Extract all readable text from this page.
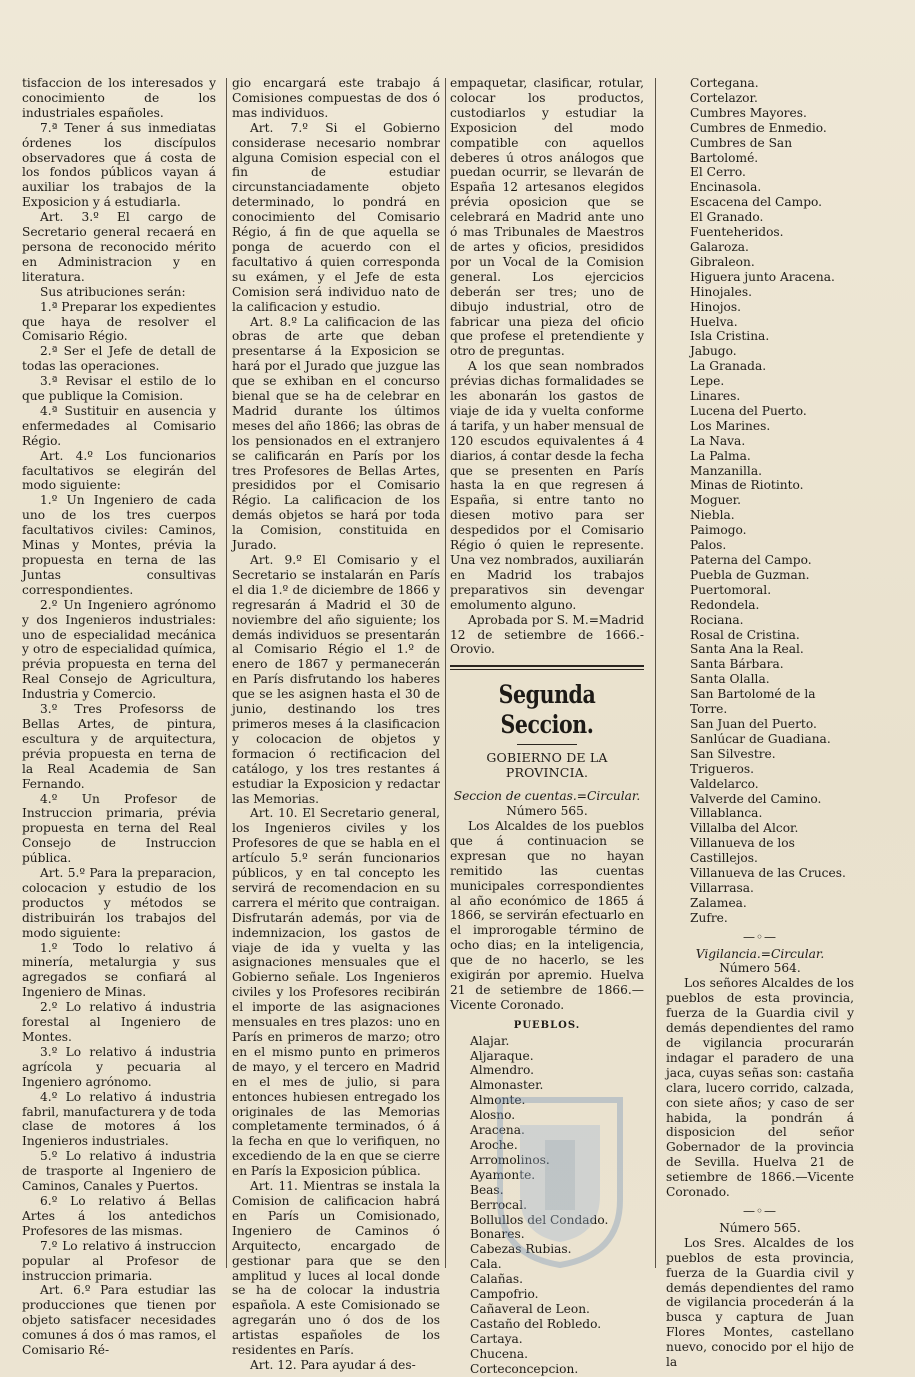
tisfaccion de los interesados y conocimiento de los industriales españoles.

7.ª Tener á sus inmediatas órdenes los discípulos observadores que á costa de los fondos públicos vayan á auxiliar los trabajos de la Exposicion y á estudiarla.

Art. 3.º El cargo de Secretario general recaerá en persona de reconocido mérito en Administracion y en literatura.

Sus atribuciones serán:

1.ª Preparar los expedientes que haya de resolver el Comisario Régio.

2.ª Ser el Jefe de detall de todas las operaciones.

3.ª Revisar el estilo de lo que publique la Comision.

4.ª Sustituir en ausencia y enfermedades al Comisario Régio.

Art. 4.º Los funcionarios facultativos se elegirán del modo siguiente:

1.º Un Ingeniero de cada uno de los tres cuerpos facultativos civiles: Caminos, Minas y Montes, prévia la propuesta en terna de las Juntas consultivas correspondientes.

2.º Un Ingeniero agrónomo y dos Ingenieros industriales: uno de especialidad mecánica y otro de especialidad química, prévia propuesta en terna del Real Consejo de Agricultura, Industria y Comercio.

3.º Tres Profesorss de Bellas Artes, de pintura, escultura y de arquitectura, prévia propuesta en terna de la Real Academia de San Fernando.

4.º Un Profesor de Instruccion primaria, prévia propuesta en terna del Real Consejo de Instruccion pública.

Art. 5.º Para la preparacion, colocacion y estudio de los productos y métodos se distribuirán los trabajos del modo siguiente:

1.º Todo lo relativo á minería, metalurgia y sus agregados se confiará al Ingeniero de Minas.

2.º Lo relativo á industria forestal al Ingeniero de Montes.

3.º Lo relativo á industria agrícola y pecuaria al Ingeniero agrónomo.

4.º Lo relativo á industria fabril, manufacturera y de toda clase de motores á los Ingenieros industriales.

5.º Lo relativo á industria de trasporte al Ingeniero de Caminos, Canales y Puertos.

6.º Lo relativo á Bellas Artes á los antedichos Profesores de las mismas.

7.º Lo relativo á instruccion popular al Profesor de instruccion primaria.

Art. 6.º Para estudiar las producciones que tienen por objeto satisfacer necesidades comunes á dos ó mas ramos, el Comisario Ré-

gio encargará este trabajo á Comisiones compuestas de dos ó mas individuos.

Art. 7.º Si el Gobierno considerase necesario nombrar alguna Comision especial con el fin de estudiar circunstanciadamente objeto determinado, lo pondrá en conocimiento del Comisario Régio, á fin de que aquella se ponga de acuerdo con el facultativo á quien corresponda su exámen, y el Jefe de esta Comision será individuo nato de la calificacion y estudio.

Art. 8.º La calificacion de las obras de arte que deban presentarse á la Exposicion se hará por el Jurado que juzgue las que se exhiban en el concurso bienal que se ha de celebrar en Madrid durante los últimos meses del año 1866; las obras de los pensionados en el extranjero se calificarán en París por los tres Profesores de Bellas Artes, presididos por el Comisario Régio. La calificacion de los demás objetos se hará por toda la Comision, constituida en Jurado.

Art. 9.º El Comisario y el Secretario se instalarán en París el dia 1.º de diciembre de 1866 y regresarán á Madrid el 30 de noviembre del año siguiente; los demás individuos se presentarán al Comisario Régio el 1.º de enero de 1867 y permanecerán en París disfrutando los haberes que se les asignen hasta el 30 de junio, destinando los tres primeros meses á la clasificacion y colocacion de objetos y formacion ó rectificacion del catálogo, y los tres restantes á estudiar la Exposicion y redactar las Memorias.

Art. 10. El Secretario general, los Ingenieros civiles y los Profesores de que se habla en el artículo 5.º serán funcionarios públicos, y en tal concepto les servirá de recomendacion en su carrera el mérito que contraigan. Disfrutarán además, por via de indemnizacion, los gastos de viaje de ida y vuelta y las asignaciones mensuales que el Gobierno señale. Los Ingenieros civiles y los Profesores recibirán el importe de las asignaciones mensuales en tres plazos: uno en París en primeros de marzo; otro en el mismo punto en primeros de mayo, y el tercero en Madrid en el mes de julio, si para entonces hubiesen entregado los originales de las Memorias completamente terminados, ó á la fecha en que lo verifiquen, no excediendo de la en que se cierre en París la Exposicion pública.

Art. 11. Mientras se instala la Comision de calificacion habrá en París un Comisionado, Ingeniero de Caminos ó Arquitecto, encargado de gestionar para que se den amplitud y luces al local donde se ha de colocar la industria española. A este Comisionado se agregarán uno ó dos de los artistas españoles de los residentes en París.

Art. 12. Para ayudar á des-

empaquetar, clasificar, rotular, colocar los productos, custodiarlos y estudiar la Exposicion del modo compatible con aquellos deberes ú otros análogos que puedan ocurrir, se llevarán de España 12 artesanos elegidos prévia oposicion que se celebrará en Madrid ante uno ó mas Tribunales de Maestros de artes y oficios, presididos por un Vocal de la Comision general. Los ejercicios deberán ser tres; uno de dibujo industrial, otro de fabricar una pieza del oficio que profese el pretendiente y otro de preguntas.

A los que sean nombrados prévias dichas formalidades se les abonarán los gastos de viaje de ida y vuelta conforme á tarifa, y un haber mensual de 120 escudos equivalentes á 4 diarios, á contar desde la fecha que se presenten en París hasta la en que regresen á España, si entre tanto no diesen motivo para ser despedidos por el Comisario Régio ó quien le represente. Una vez nombrados, auxiliarán en Madrid los trabajos preparativos sin devengar emolumento alguno.

Aprobada por S. M.=Madrid 12 de setiembre de 1666.-Orovio.

Segunda Seccion.

GOBIERNO DE LA PROVINCIA.

Seccion de cuentas.=Circular.

Número 565.

Los Alcaldes de los pueblos que á continuacion se expresan que no hayan remitido las cuentas municipales correspondientes al año económico de 1865 á 1866, se servirán efectuarlo en el improrogable término de ocho dias; en la inteligencia, que de no hacerlo, se les exigirán por apremio. Huelva 21 de setiembre de 1866.—Vicente Coronado.

PUEBLOS.

Alajar.

Aljaraque.

Almendro.

Almonaster.

Almonte.

Alosno.

Aracena.

Aroche.

Arromolinos.

Ayamonte.

Beas.

Berrocal.

Bollullos del Condado.

Bonares.

Cabezas Rubias.

Cala.

Calañas.

Campofrio.

Cañaveral de Leon.

Castaño del Robledo.

Cartaya.

Chucena.

Corteconcepcion.

Cortegana.

Cortelazor.

Cumbres Mayores.

Cumbres de Enmedio.

Cumbres de San Bartolomé.

El Cerro.

Encinasola.

Escacena del Campo.

El Granado.

Fuenteheridos.

Galaroza.

Gibraleon.

Higuera junto Aracena.

Hinojales.

Hinojos.

Huelva.

Isla Cristina.

Jabugo.

La Granada.

Lepe.

Linares.

Lucena del Puerto.

Los Marines.

La Nava.

La Palma.

Manzanilla.

Minas de Riotinto.

Moguer.

Niebla.

Paimogo.

Palos.

Paterna del Campo.

Puebla de Guzman.

Puertomoral.

Redondela.

Rociana.

Rosal de Cristina.

Santa Ana la Real.

Santa Bárbara.

Santa Olalla.

San Bartolomé de la Torre.

San Juan del Puerto.

Sanlúcar de Guadiana.

San Silvestre.

Trigueros.

Valdelarco.

Valverde del Camino.

Villablanca.

Villalba del Alcor.

Villanueva de los Castillejos.

Villanueva de las Cruces.

Villarrasa.

Zalamea.

Zufre.

—◦—

Vigilancia.=Circular.

Número 564.

Los señores Alcaldes de los pueblos de esta provincia, fuerza de la Guardia civil y demás dependientes del ramo de vigilancia procurarán indagar el paradero de una jaca, cuyas señas son: castaña clara, lucero corrido, calzada, con siete años; y caso de ser habida, la pondrán á disposicion del señor Gobernador de la provincia de Sevilla. Huelva 21 de setiembre de 1866.—Vicente Coronado.

—◦—

Número 565.

Los Sres. Alcaldes de los pueblos de esta provincia, fuerza de la Guardia civil y demás dependientes del ramo de vigilancia procederán á la busca y captura de Juan Flores Montes, castellano nuevo, conocido por el hijo de la
